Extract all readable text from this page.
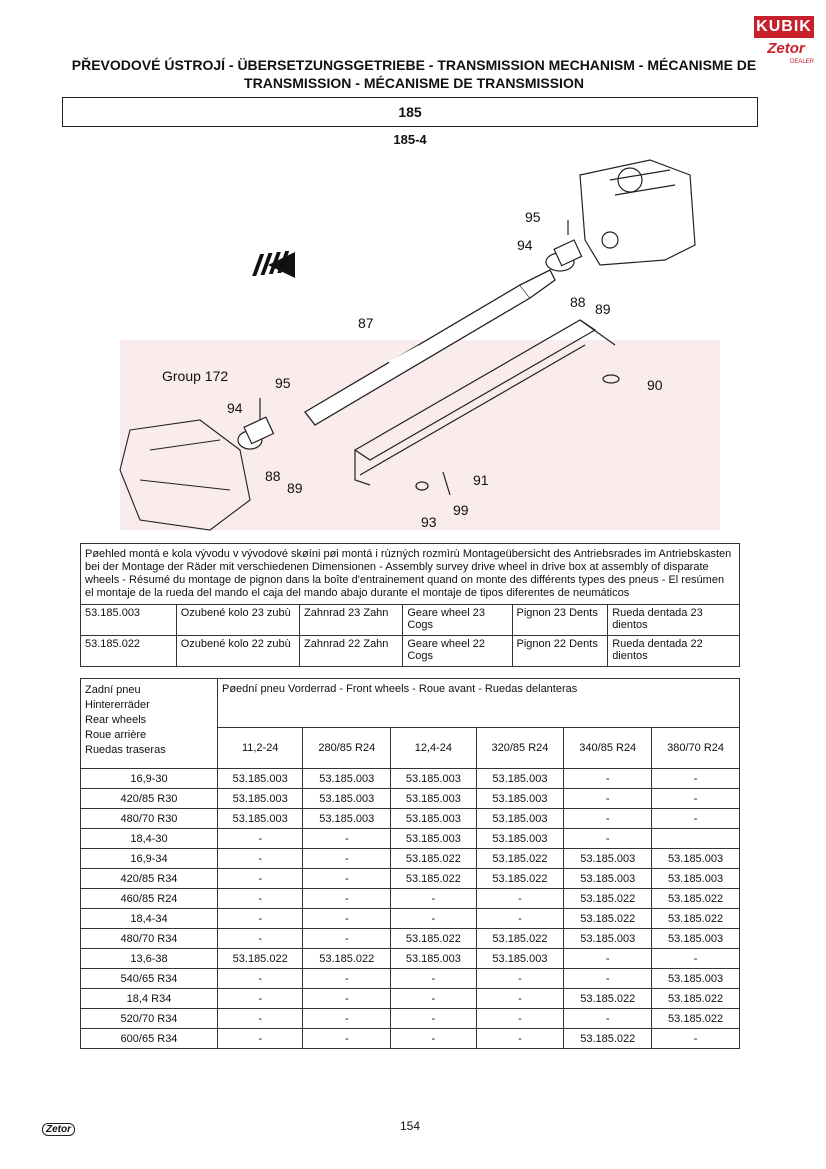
KUBIK
Zetor
DEALER
PŘEVODOVÉ ÚSTROJÍ - ÜBERSETZUNGSGETRIEBE - TRANSMISSION MECHANISM - MÉCANISME DE
TRANSMISSION - MÉCANISME DE TRANSMISSION
185
185-4
95
94
88 89
87
90
Group 172	95
94
88
89	91
93
99
Pøehled montá e kola vývodu v vývodové skøíni pøi montá i rùzných rozmìrù Montageübersicht des Antriebsrades im Antriebskasten bei der Montage der Räder mit verschiedenen Dimensionen - Assembly survey drive wheel in drive box at assembly of disparate wheels - Résumé du montage de pignon dans la boîte d'entrainement quand on monte des différents types des pneus - El resúmen el montaje de la rueda del mando el caja del mando abajo durante el montaje de tipos diferentes de neumáticos					
53.185.003	Ozubené kolo 23 zubù	Zahnrad 23 Zahn	Geare wheel 23 Cogs	Pignon 23 Dents	Rueda dentada 23 dientos
53.185.022	Ozubené kolo 22 zubù	Zahnrad 22 Zahn	Geare wheel 22 Cogs	Pignon 22 Dents	Rueda dentada 22 dientos
Zadní pneu
Hintererräder
Rear wheels
Roue arrière
Ruedas traseras	Pøední pneu Vorderrad - Front wheels - Roue avant - Ruedas delanteras					
	11,2-24	280/85 R24	12,4-24	320/85 R24	340/85 R24	380/70 R24
16,9-30	53.185.003	53.185.003	53.185.003	53.185.003	-	-
420/85 R30	53.185.003	53.185.003	53.185.003	53.185.003	-	-
480/70 R30	53.185.003	53.185.003	53.185.003	53.185.003	-	-
18,4-30	-	-	53.185.003	53.185.003	-	
16,9-34	-	-	53.185.022	53.185.022	53.185.003	53.185.003
420/85 R34	-	-	53.185.022	53.185.022	53.185.003	53.185.003
460/85 R24	-	-	-	-	53.185.022	53.185.022
18,4-34	-	-	-	-	53.185.022	53.185.022
480/70 R34	-	-	53.185.022	53.185.022	53.185.003	53.185.003
13,6-38	53.185.022	53.185.022	53.185.003	53.185.003	-	-
540/65 R34	-	-	-	-	-	53.185.003
18,4 R34	-	-	-	-	53.185.022	53.185.022
520/70 R34	-	-	-	-	-	53.185.022
600/65 R34	-	-	-	-	53.185.022	-
Zetor	154
